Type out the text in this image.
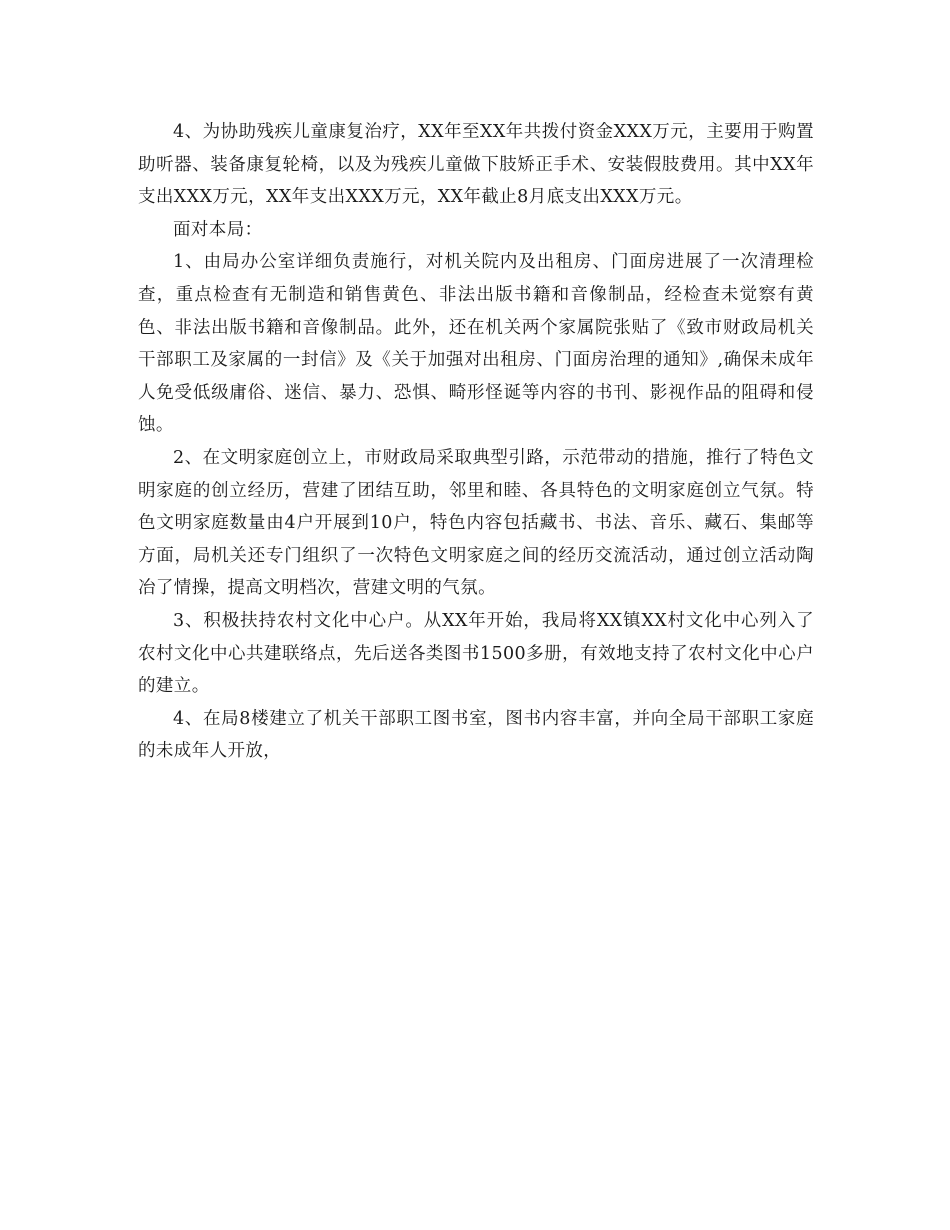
4、为协助残疾儿童康复治疗，XX年至XX年共拨付资金XXX万元，主要用于购置助听器、装备康复轮椅，以及为残疾儿童做下肢矫正手术、安装假肢费用。其中XX年支出XXX万元，XX年支出XXX万元，XX年截止8月底支出XXX万元。

面对本局：

1、由局办公室详细负责施行，对机关院内及出租房、门面房进展了一次清理检查，重点检查有无制造和销售黄色、非法出版书籍和音像制品，经检查未觉察有黄色、非法出版书籍和音像制品。此外，还在机关两个家属院张贴了《致市财政局机关干部职工及家属的一封信》及《关于加强对出租房、门面房治理的通知》,确保未成年人免受低级庸俗、迷信、暴力、恐惧、畸形怪诞等内容的书刊、影视作品的阻碍和侵蚀。

2、在文明家庭创立上，市财政局采取典型引路，示范带动的措施，推行了特色文明家庭的创立经历，营建了团结互助，邻里和睦、各具特色的文明家庭创立气氛。特色文明家庭数量由4户开展到10户，特色内容包括藏书、书法、音乐、藏石、集邮等方面，局机关还专门组织了一次特色文明家庭之间的经历交流活动，通过创立活动陶冶了情操，提高文明档次，营建文明的气氛。

3、积极扶持农村文化中心户。从XX年开始，我局将XX镇XX村文化中心列入了农村文化中心共建联络点，先后送各类图书1500多册，有效地支持了农村文化中心户的建立。

4、在局8楼建立了机关干部职工图书室，图书内容丰富，并向全局干部职工家庭的未成年人开放，
